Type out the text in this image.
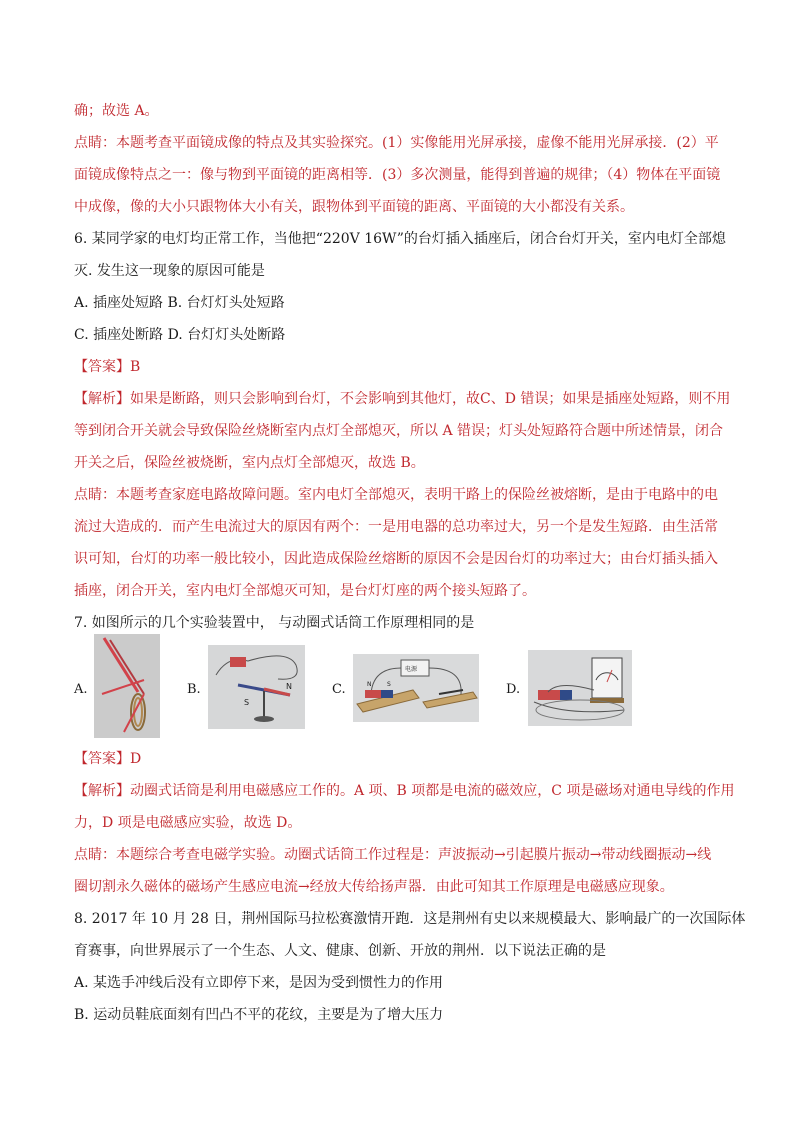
确；故选 A。
点睛：本题考查平面镜成像的特点及其实验探究。(1）实像能用光屏承接，虚像不能用光屏承接．(2）平
面镜成像特点之一：像与物到平面镜的距离相等．(3）多次测量，能得到普遍的规律；（4）物体在平面镜
中成像，像的大小只跟物体大小有关，跟物体到平面镜的距离、平面镜的大小都没有关系。
6. 某同学家的电灯均正常工作，当他把“220V 16W”的台灯插入插座后，闭合台灯开关，室内电灯全部熄
灭. 发生这一现象的原因可能是
A. 插座处短路 B. 台灯灯头处短路
C. 插座处断路 D. 台灯灯头处断路
【答案】B
【解析】如果是断路，则只会影响到台灯，不会影响到其他灯，故C、D 错误；如果是插座处短路，则不用
等到闭合开关就会导致保险丝烧断室内点灯全部熄灭，所以 A 错误；灯头处短路符合题中所述情景，闭合
开关之后，保险丝被烧断，室内点灯全部熄灭，故选 B。
点睛：本题考查家庭电路故障问题。室内电灯全部熄灭，表明干路上的保险丝被熔断，是由于电路中的电
流过大造成的．而产生电流过大的原因有两个：一是用电器的总功率过大，另一个是发生短路．由生活常
识可知，台灯的功率一般比较小，因此造成保险丝熔断的原因不会是因台灯的功率过大；由台灯插头插入
插座，闭合开关，室内电灯全部熄灭可知，是台灯灯座的两个接头短路了。
7. 如图所示的几个实验装置中， 与动圈式话筒工作原理相同的是
【答案】D
【解析】动圈式话筒是利用电磁感应工作的。A 项、B 项都是电流的磁效应，C 项是磁场对通电导线的作用
力，D 项是电磁感应实验，故选 D。
点睛：本题综合考查电磁学实验。动圈式话筒工作过程是：声波振动→引起膜片振动→带动线圈振动→线
圈切割永久磁体的磁场产生感应电流→经放大传给扬声器．由此可知其工作原理是电磁感应现象。
8. 2017 年 10 月 28 日，荆州国际马拉松赛激情开跑．这是荆州有史以来规模最大、影响最广的一次国际体
育赛事，向世界展示了一个生态、人文、健康、创新、开放的荆州．以下说法正确的是
A. 某选手冲线后没有立即停下来，是因为受到惯性力的作用
B. 运动员鞋底面刻有凹凸不平的花纹，主要是为了增大压力
A.	B.
S
N	C.
电源
N	S	D.
